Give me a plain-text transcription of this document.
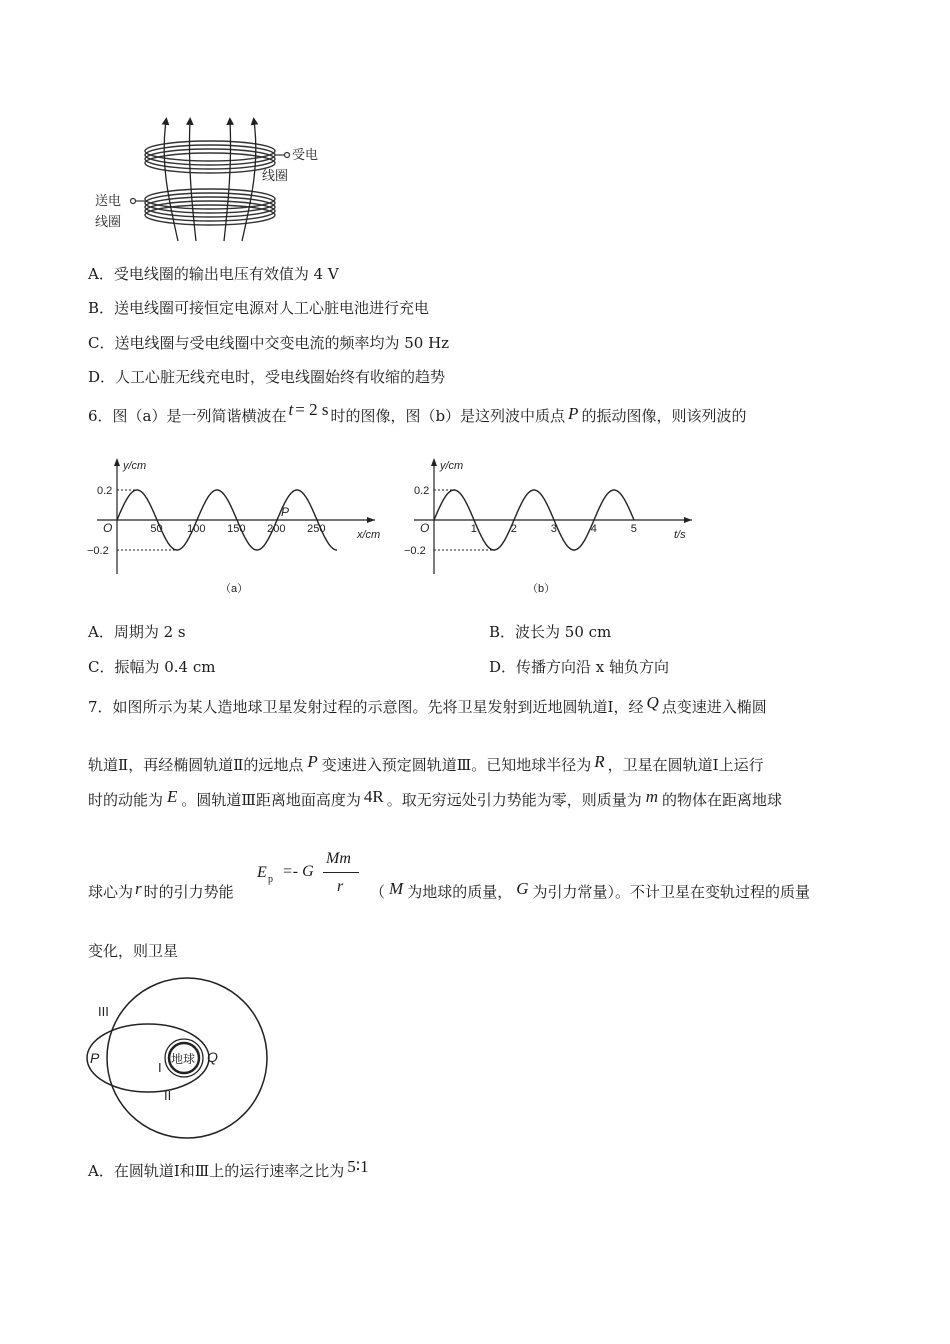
受电
线圈
送电
线圈
A．受电线圈的输出电压有效值为 4 V
B．送电线圈可接恒定电源对人工心脏电池进行充电
C．送电线圈与受电线圈中交变电流的频率均为 50 Hz
D．人工心脏无线充电时，受电线圈始终有收缩的趋势
6．图（a）是一列简谐横波在 t = 2 s 时的图像，图（b）是这列波中质点 P 的振动图像，则该列波的
0.2
−0.2
y/cm
x/cm
O	50 100 150 200 250
P
（a）
0.2
−0.2
y/cm
t/s
O	1	2	3	4	5
（b）
A．周期为 2 s	B．波长为 50 cm
C．振幅为 0.4 cm	D．传播方向沿 x 轴负方向
7．如图所示为某人造地球卫星发射过程的示意图。先将卫星发射到近地圆轨道Ⅰ，经 Q 点变速进入椭圆
轨道Ⅱ，再经椭圆轨道Ⅱ的远地点 P 变速进入预定圆轨道Ⅲ。已知地球半径为 R ，卫星在圆轨道Ⅰ上运行
时的动能为 E 。圆轨道Ⅲ距离地面高度为 4R 。取无穷远处引力势能为零，则质量为 m 的物体在距离地球
球心为 r 时的引力势能
E p =- G
Mm
r （ M 为地球的质量， G 为引力常量）。不计卫星在变轨过程的质量
变化，则卫星
地球
III
P	Q
I
II
A．在圆轨道Ⅰ和Ⅲ上的运行速率之比为 5∶1
